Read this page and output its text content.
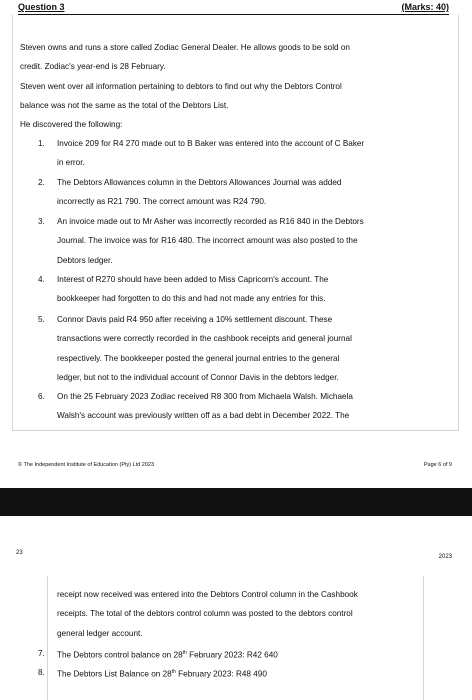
Question 3	(Marks: 40)

Steven owns and runs a store called Zodiac General Dealer. He allows goods to be sold on

credit. Zodiac's year-end is 28 February.

Steven went over all information pertaining to debtors to find out why the Debtors Control

balance was not the same as the total of the Debtors List.

He discovered the following:

1. Invoice 209 for R4 270 made out to B Baker was entered into the account of C Baker

in error.

2. The Debtors Allowances column in the Debtors Allowances Journal was added

incorrectly as R21 790. The correct amount was R24 790.

3. An invoice made out to Mr Asher was incorrectly recorded as R16 840 in the Debtors

Journal. The invoice was for R16 480. The incorrect amount was also posted to the

Debtors ledger.

4. Interest of R270 should have been added to Miss Capricorn's account. The

bookkeeper had forgotten to do this and had not made any entries for this.

5. Connor Davis paid R4 950 after receiving a 10% settlement discount. These

transactions were correctly recorded in the cashbook receipts and general journal

respectively. The bookkeeper posted the general journal entries to the general

ledger, but not to the individual account of Connor Davis in the debtors ledger.

6. On the 25 February 2023 Zodiac received R8 300 from Michaela Walsh. Michaela

Walsh's account was previously written off as a bad debt in December 2022. The

© The Independent Institute of Education (Pty) Ltd 2023	Page 6 of 9
23
2023

receipt now received was entered into the Debtors Control column in the Cashbook

receipts. The total of the debtors control column was posted to the debtors control

general ledger account.

7. The Debtors control balance on 28th February 2023: R42 640

8. The Debtors List Balance on 28th February 2023: R48 490
